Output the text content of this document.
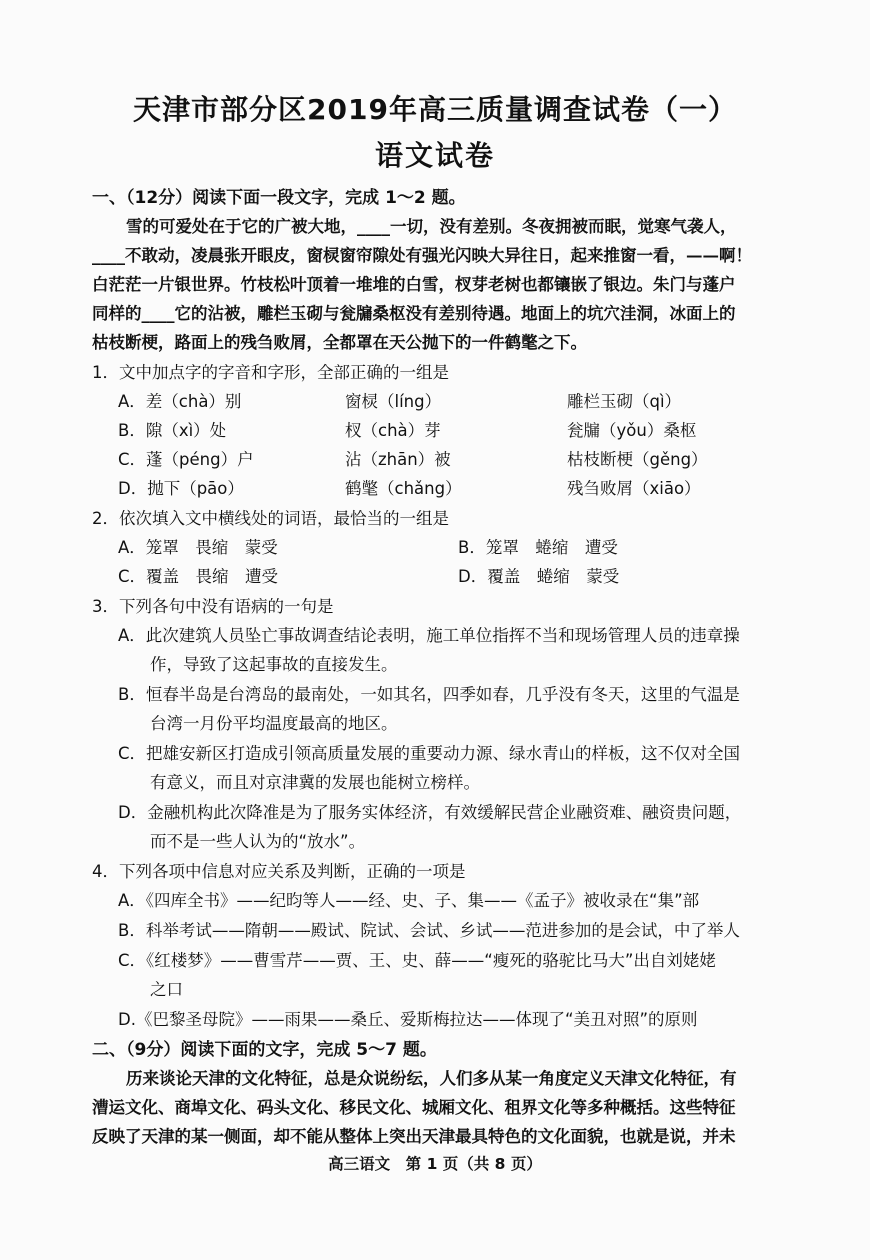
天津市部分区2019年高三质量调查试卷（一）
语文试卷
一、（12分）阅读下面一段文字，完成 1～2 题。
雪的可爱处在于它的广被大地，____一切，没有差别。冬夜拥被而眠，觉寒气袭人，
____不敢动，凌晨张开眼皮，窗棂窗帘隙处有强光闪映大异往日，起来推窗一看，——啊！
白茫茫一片银世界。竹枝松叶顶着一堆堆的白雪，杈芽老树也都镶嵌了银边。朱门与蓬户
同样的____它的沾被，雕栏玉砌与瓮牖桑枢没有差别待遇。地面上的坑穴洼洞，冰面上的
枯枝断梗，路面上的残刍败屑，全都罩在天公抛下的一件鹤氅之下。
1．文中加点字的字音和字形，全部正确的一组是
A．差（chà）别	窗棂（líng）	雕栏玉砌（qì）
B．隙（xì）处	杈（chà）芽	瓮牖（yǒu）桑枢
C．蓬（péng）户	沾（zhān）被	枯枝断梗（gěng）
D．抛下（pāo）	鹤氅（chǎng）	残刍败屑（xiāo）
2．依次填入文中横线处的词语，最恰当的一组是
A．笼罩　畏缩　蒙受	B．笼罩　蜷缩　遭受
C．覆盖　畏缩　遭受	D．覆盖　蜷缩　蒙受
3．下列各句中没有语病的一句是
A．此次建筑人员坠亡事故调查结论表明，施工单位指挥不当和现场管理人员的违章操
作，导致了这起事故的直接发生。
B．恒春半岛是台湾岛的最南处，一如其名，四季如春，几乎没有冬天，这里的气温是
台湾一月份平均温度最高的地区。
C．把雄安新区打造成引领高质量发展的重要动力源、绿水青山的样板，这不仅对全国
有意义，而且对京津冀的发展也能树立榜样。
D．金融机构此次降准是为了服务实体经济，有效缓解民营企业融资难、融资贵问题，
而不是一些人认为的“放水”。
4．下列各项中信息对应关系及判断，正确的一项是
A．《四库全书》——纪昀等人——经、史、子、集——《孟子》被收录在“集”部
B．科举考试——隋朝——殿试、院试、会试、乡试——范进参加的是会试，中了举人
C．《红楼梦》——曹雪芹——贾、王、史、薛——“瘦死的骆驼比马大”出自刘姥姥
之口
D.《巴黎圣母院》——雨果——桑丘、爱斯梅拉达——体现了“美丑对照”的原则
二、（9分）阅读下面的文字，完成 5～7 题。
历来谈论天津的文化特征，总是众说纷纭，人们多从某一角度定义天津文化特征，有
漕运文化、商埠文化、码头文化、移民文化、城厢文化、租界文化等多种概括。这些特征
反映了天津的某一侧面，却不能从整体上突出天津最具特色的文化面貌，也就是说，并未
高三语文　第 1 页（共 8 页）
